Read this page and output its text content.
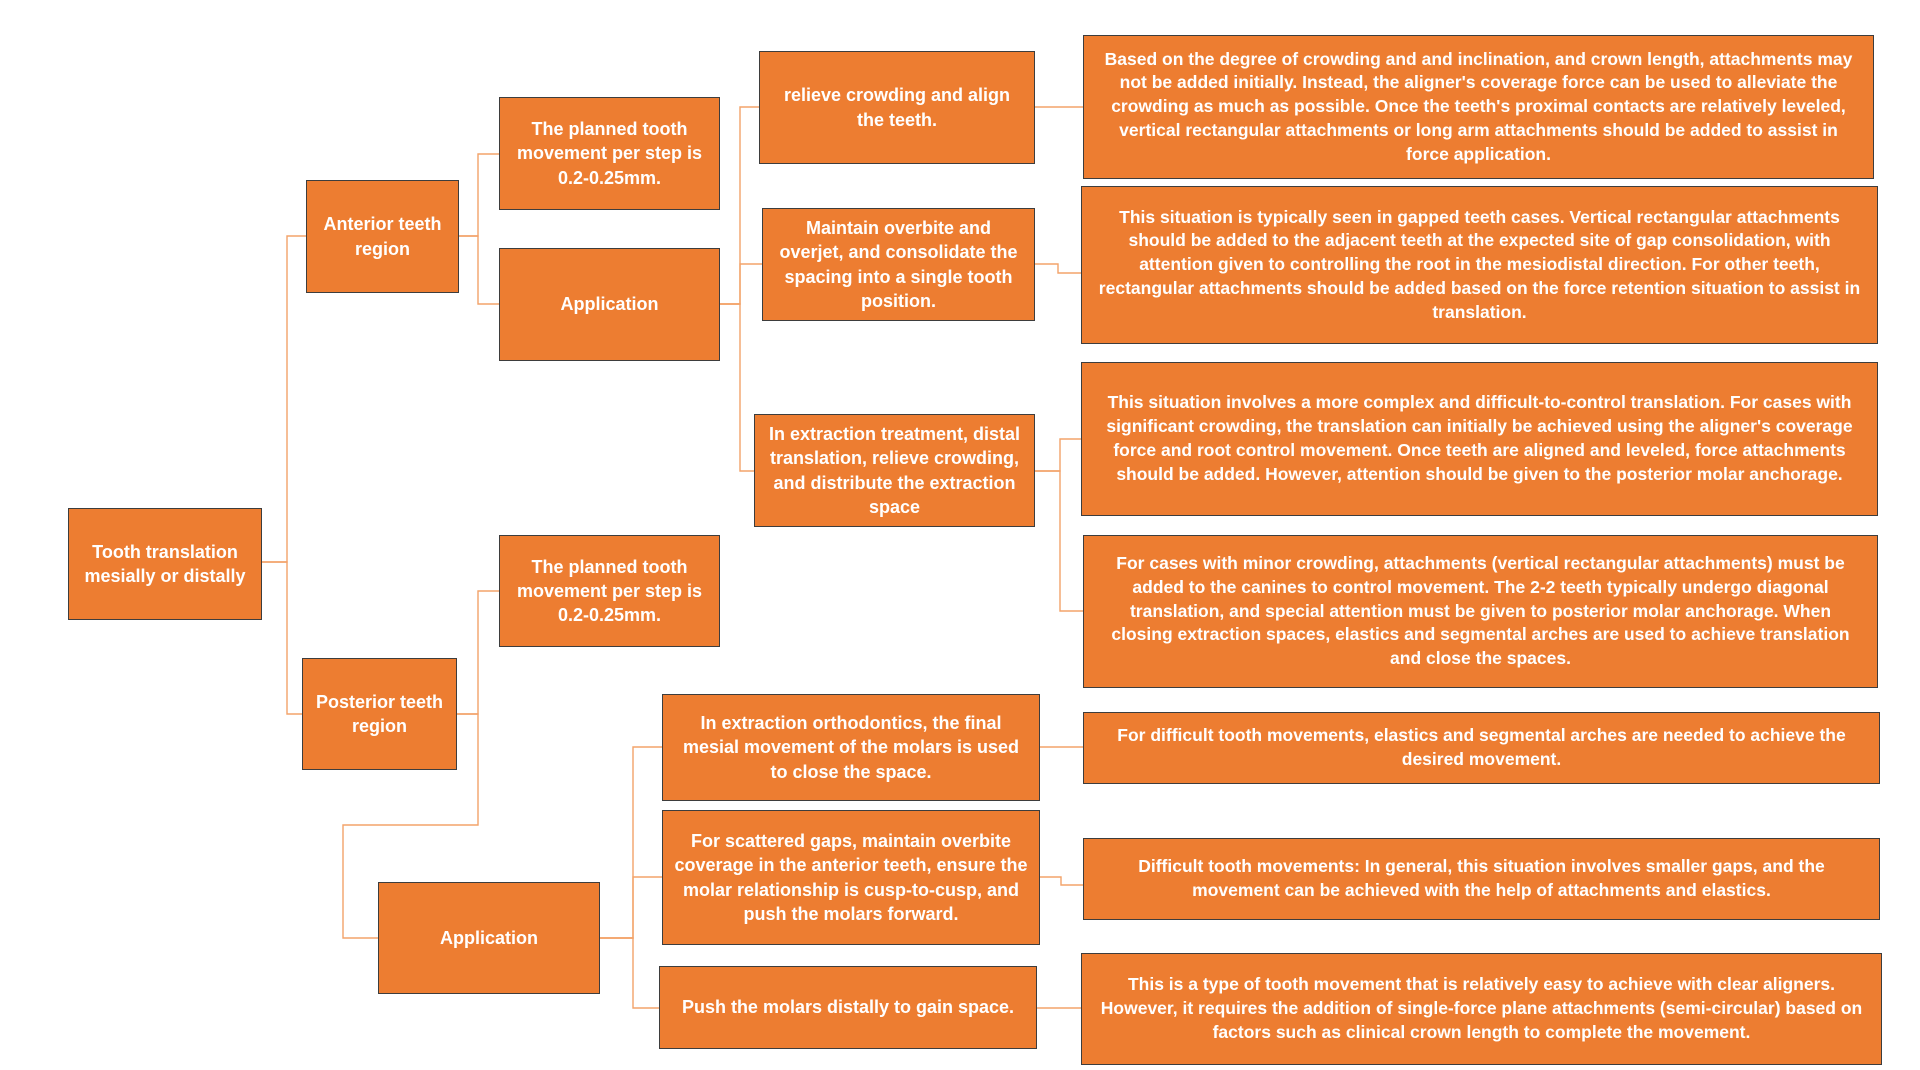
Tooth translation mesially or distally
Anterior teeth region
The planned tooth movement per step is 0.2-0.25mm.
Application
relieve crowding and align the teeth.
Maintain overbite and overjet, and consolidate the spacing into a single tooth position.
In extraction treatment, distal translation, relieve crowding, and distribute the extraction space
Based on the degree of crowding and and inclination, and crown length, attachments may not be added initially. Instead, the aligner's coverage force can be used to alleviate the crowding as much as possible. Once the teeth's proximal contacts are relatively leveled, vertical rectangular attachments or long arm attachments should be added to assist in force application.
This situation is typically seen in gapped teeth cases. Vertical rectangular attachments should be added to the adjacent teeth at the expected site of gap consolidation, with attention given to controlling the root in the mesiodistal direction. For other teeth, rectangular attachments should be added based on the force retention situation to assist in translation.
This situation involves a more complex and difficult-to-control translation. For cases with significant crowding, the translation can initially be achieved using the aligner's coverage force and root control movement. Once teeth are aligned and leveled, force attachments should be added. However, attention should be given to the posterior molar anchorage.
For cases with minor crowding, attachments (vertical rectangular attachments) must be added to the canines to control movement. The 2-2 teeth typically undergo diagonal translation, and special attention must be given to posterior molar anchorage. When closing extraction spaces, elastics and segmental arches are used to achieve translation and close the spaces.
Posterior teeth region
The planned tooth movement per step is 0.2-0.25mm.
Application
In extraction orthodontics, the final mesial movement of the molars is used to close the space.
For scattered gaps, maintain overbite coverage in the anterior teeth, ensure the molar relationship is cusp-to-cusp, and push the molars forward.
Push the molars distally to gain space.
For difficult tooth movements, elastics and segmental arches are needed to achieve the desired movement.
Difficult tooth movements: In general, this situation involves smaller gaps, and the movement can be achieved with the help of attachments and elastics.
This is a type of tooth movement that is relatively easy to achieve with clear aligners. However, it requires the addition of single-force plane attachments (semi-circular) based on factors such as clinical crown length to complete the movement.
